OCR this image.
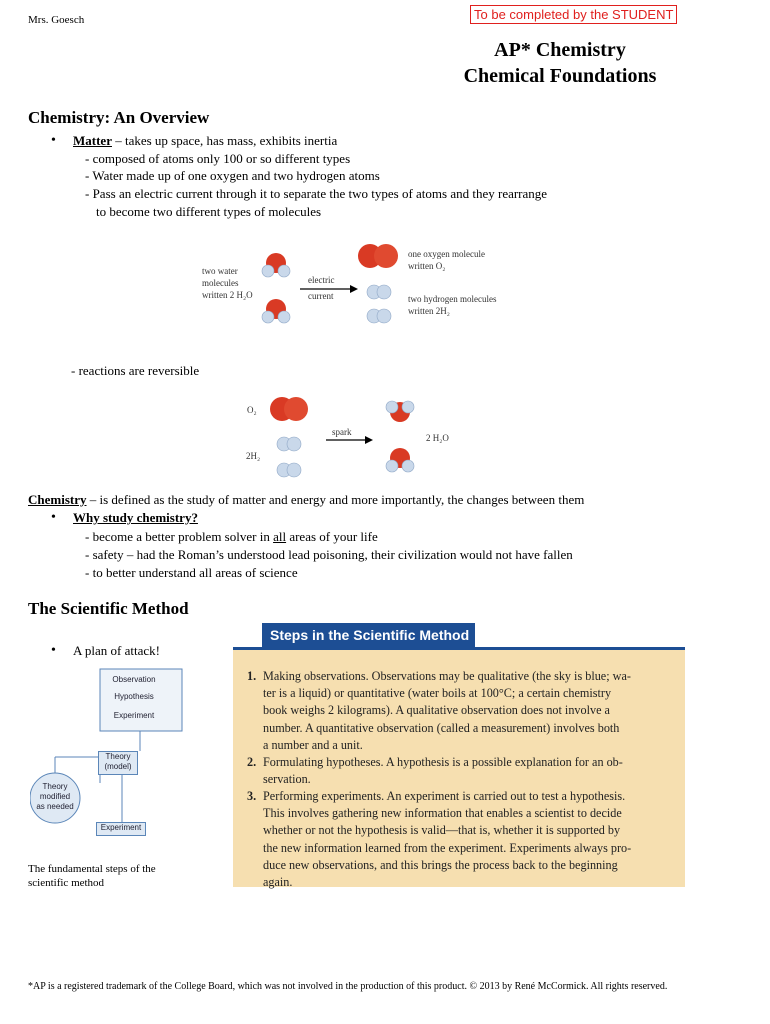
Mrs. Goesch	To be completed by the STUDENT
AP* Chemistry
Chemical Foundations
Chemistry: An Overview
• Matter – takes up space, has mass, exhibits inertia
- composed of atoms only 100 or so different types
- Water made up of one oxygen and two hydrogen atoms
- Pass an electric current through it to separate the two types of atoms and they rearrange
to become two different types of molecules
two water
molecules
written 2 H₂O
electric
current
one oxygen molecule
written O₂
two hydrogen molecules
written 2H₂
- reactions are reversible
O₂
2H₂
spark
2 H₂O
Chemistry – is defined as the study of matter and energy and more importantly, the changes between them
• Why study chemistry?
- become a better problem solver in all areas of your life
- safety – had the Roman’s understood lead poisoning, their civilization would not have fallen
- to better understand all areas of science
The Scientific Method
• A plan of attack!
Observation
Hypothesis
Experiment
Theory
(model)
Theory
modified
as needed
Experiment
The fundamental steps of the
scientific method
Steps in the Scientific Method
1. Making observations. Observations may be qualitative (the sky is blue; wa-
ter is a liquid) or quantitative (water boils at 100°C; a certain chemistry
book weighs 2 kilograms). A qualitative observation does not involve a
number. A quantitative observation (called a measurement) involves both
a number and a unit.
2. Formulating hypotheses. A hypothesis is a possible explanation for an ob-
servation.
3. Performing experiments. An experiment is carried out to test a hypothesis.
This involves gathering new information that enables a scientist to decide
whether or not the hypothesis is valid—that is, whether it is supported by
the new information learned from the experiment. Experiments always pro-
duce new observations, and this brings the process back to the beginning
again.
*AP is a registered trademark of the College Board, which was not involved in the production of this product. © 2013 by René McCormick. All rights reserved.
